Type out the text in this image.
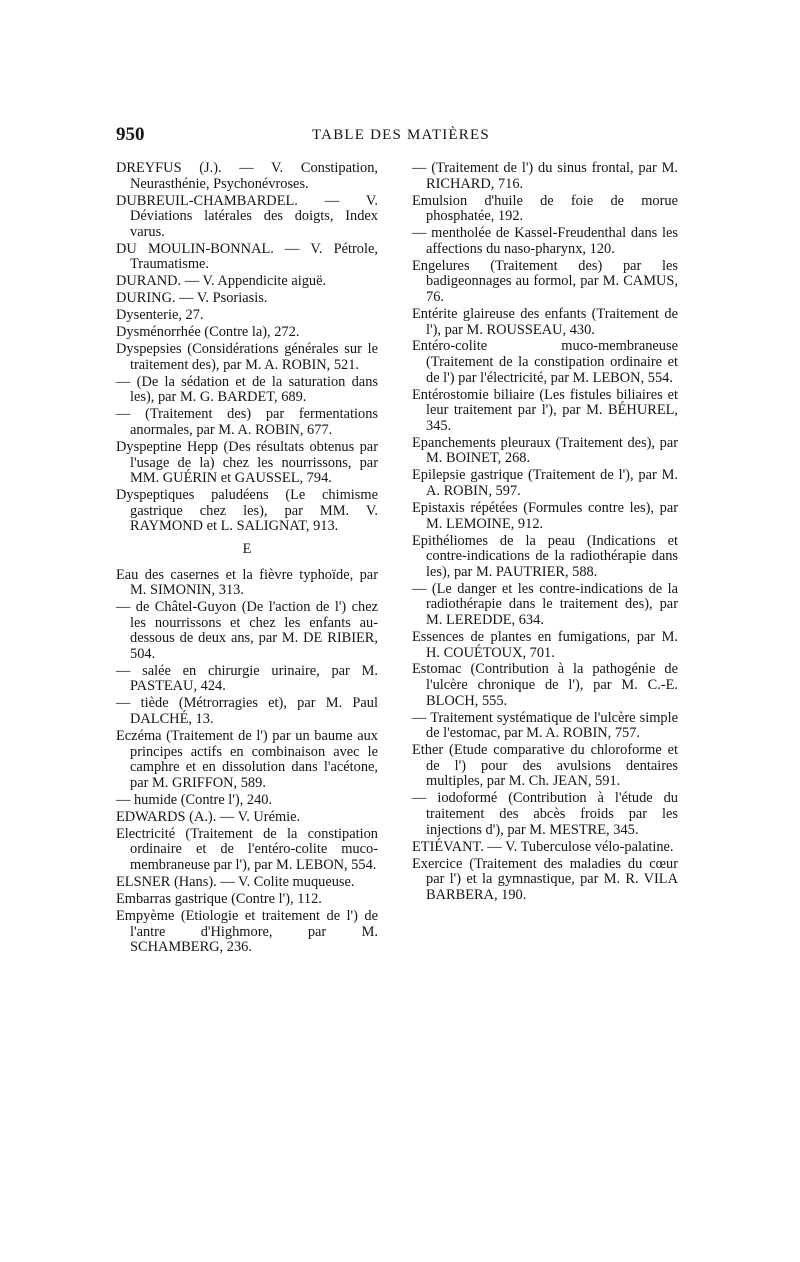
950	TABLE DES MATIÈRES

DREYFUS (J.). — V. Constipation, Neurasthénie, Psychonévroses.

DUBREUIL-CHAMBARDEL. — V. Déviations latérales des doigts, Index varus.

DU MOULIN-BONNAL. — V. Pétrole, Traumatisme.

DURAND. — V. Appendicite aiguë.

DURING. — V. Psoriasis.

Dysenterie, 27.

Dysménorrhée (Contre la), 272.

Dyspepsies (Considérations générales sur le traitement des), par M. A. ROBIN, 521.

— (De la sédation et de la saturation dans les), par M. G. BARDET, 689.

— (Traitement des) par fermentations anormales, par M. A. ROBIN, 677.

Dyspeptine Hepp (Des résultats obtenus par l'usage de la) chez les nourrissons, par MM. GUÉRIN et GAUSSEL, 794.

Dyspeptiques paludéens (Le chimisme gastrique chez les), par MM. V. RAYMOND et L. SALIGNAT, 913.

E

Eau des casernes et la fièvre typhoïde, par M. SIMONIN, 313.

— de Châtel-Guyon (De l'action de l') chez les nourrissons et chez les enfants au-dessous de deux ans, par M. DE RIBIER, 504.

— salée en chirurgie urinaire, par M. PASTEAU, 424.

— tiède (Métrorragies et), par M. Paul DALCHÉ, 13.

Eczéma (Traitement de l') par un baume aux principes actifs en combinaison avec le camphre et en dissolution dans l'acétone, par M. GRIFFON, 589.

— humide (Contre l'), 240.

EDWARDS (A.). — V. Urémie.

Electricité (Traitement de la constipation ordinaire et de l'entéro-colite muco-membraneuse par l'), par M. LEBON, 554.

ELSNER (Hans). — V. Colite muqueuse.

Embarras gastrique (Contre l'), 112.

Empyème (Etiologie et traitement de l') de l'antre d'Highmore, par M. SCHAMBERG, 236.

— (Traitement de l') du sinus frontal, par M. RICHARD, 716.

Emulsion d'huile de foie de morue phosphatée, 192.

— mentholée de Kassel-Freudenthal dans les affections du naso-pharynx, 120.

Engelures (Traitement des) par les badigeonnages au formol, par M. CAMUS, 76.

Entérite glaireuse des enfants (Traitement de l'), par M. ROUSSEAU, 430.

Entéro-colite muco-membraneuse (Traitement de la constipation ordinaire et de l') par l'électricité, par M. LEBON, 554.

Entérostomie biliaire (Les fistules biliaires et leur traitement par l'), par M. BÉHUREL, 345.

Epanchements pleuraux (Traitement des), par M. BOINET, 268.

Epilepsie gastrique (Traitement de l'), par M. A. ROBIN, 597.

Epistaxis répétées (Formules contre les), par M. LEMOINE, 912.

Epithéliomes de la peau (Indications et contre-indications de la radiothérapie dans les), par M. PAUTRIER, 588.

— (Le danger et les contre-indications de la radiothérapie dans le traitement des), par M. LEREDDE, 634.

Essences de plantes en fumigations, par M. H. COUÉTOUX, 701.

Estomac (Contribution à la pathogénie de l'ulcère chronique de l'), par M. C.-E. BLOCH, 555.

— Traitement systématique de l'ulcère simple de l'estomac, par M. A. ROBIN, 757.

Ether (Etude comparative du chloroforme et de l') pour des avulsions dentaires multiples, par M. Ch. JEAN, 591.

— iodoformé (Contribution à l'étude du traitement des abcès froids par les injections d'), par M. MESTRE, 345.

ETIÉVANT. — V. Tuberculose vélo-palatine.

Exercice (Traitement des maladies du cœur par l') et la gymnastique, par M. R. VILA BARBERA, 190.
